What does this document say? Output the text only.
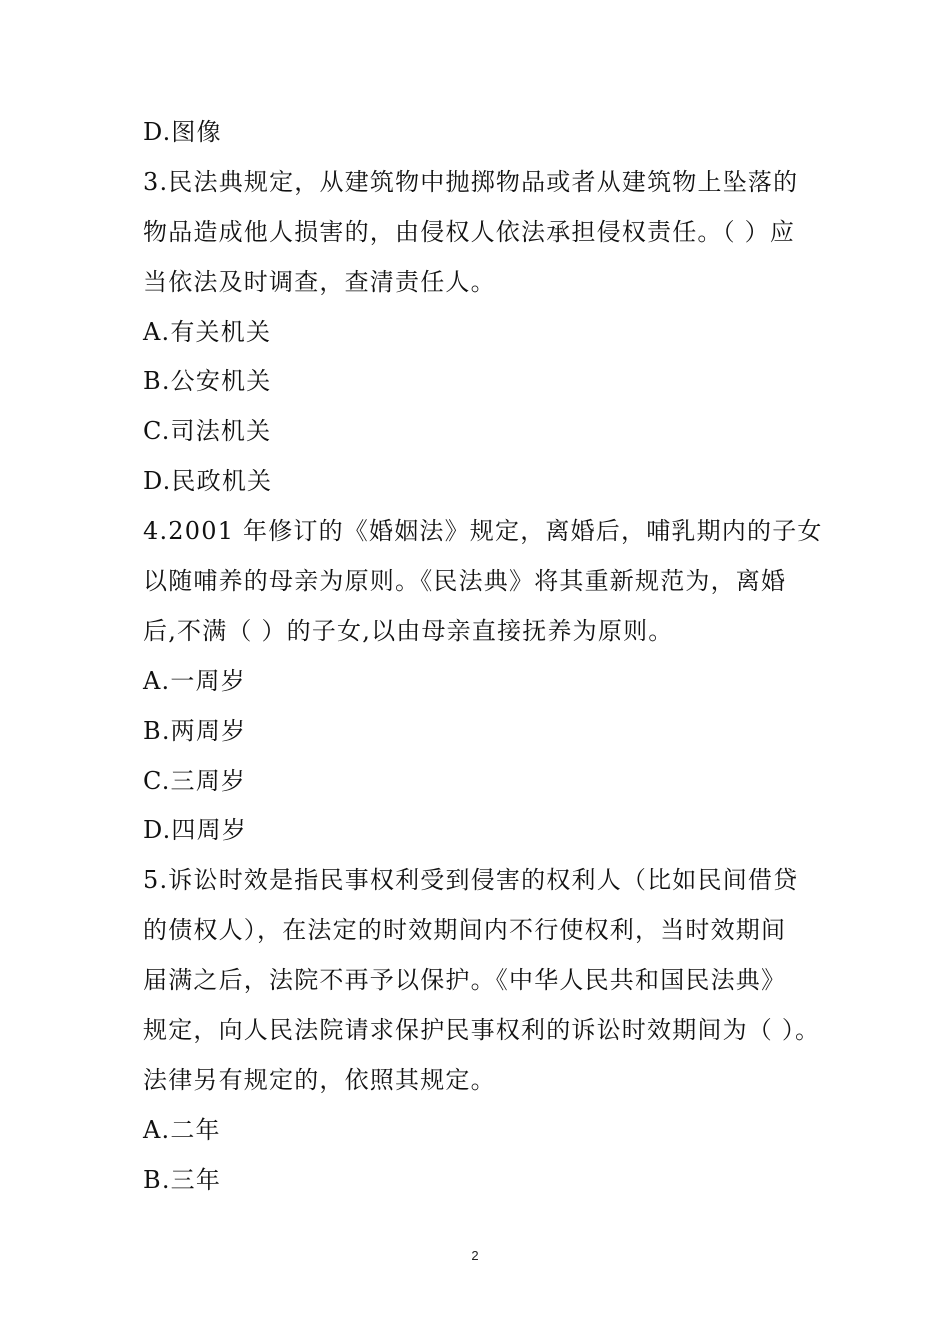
D.图像
3.民法典规定，从建筑物中抛掷物品或者从建筑物上坠落的
物品造成他人损害的，由侵权人依法承担侵权责任。（ ）应
当依法及时调查，查清责任人。
A.有关机关
B.公安机关
C.司法机关
D.民政机关
4.2001 年修订的《婚姻法》规定，离婚后，哺乳期内的子女
以随哺养的母亲为原则。《民法典》将其重新规范为，离婚
后,不满（ ）的子女,以由母亲直接抚养为原则。
A.一周岁
B.两周岁
C.三周岁
D.四周岁
5.诉讼时效是指民事权利受到侵害的权利人（比如民间借贷
的债权人），在法定的时效期间内不行使权利，当时效期间
届满之后，法院不再予以保护。《中华人民共和国民法典》
规定，向人民法院请求保护民事权利的诉讼时效期间为（ ）。
法律另有规定的，依照其规定。
A.二年
B.三年
2
